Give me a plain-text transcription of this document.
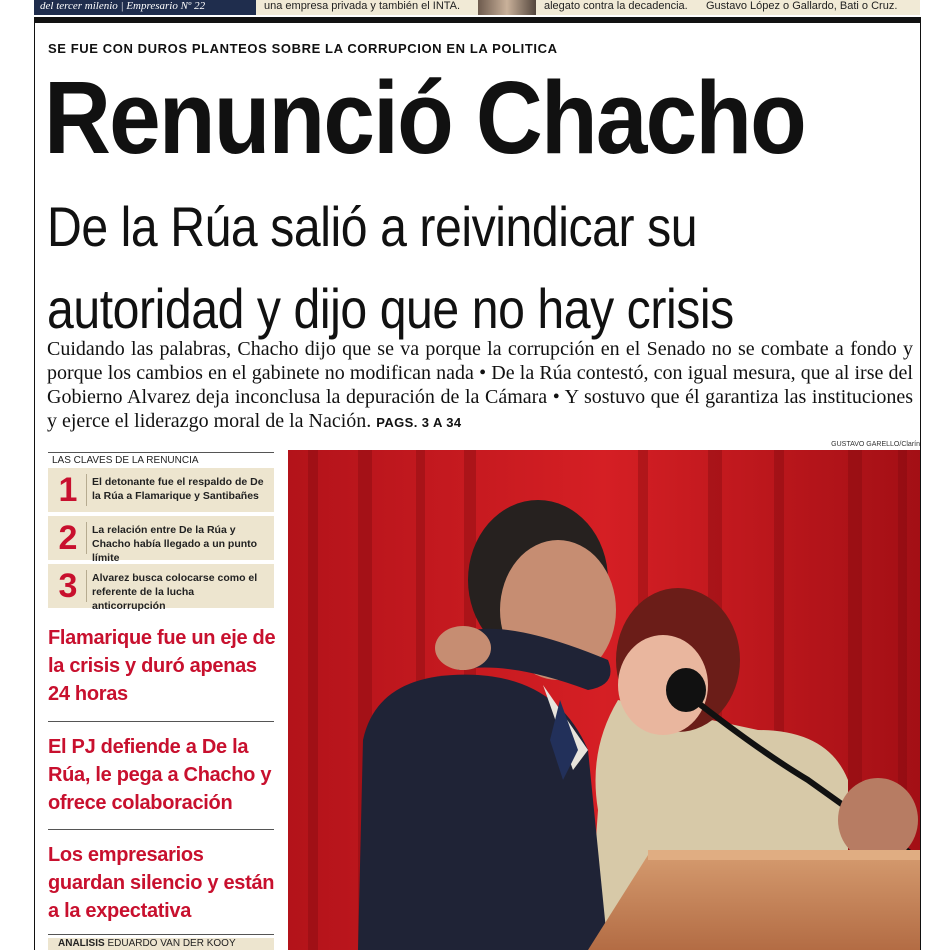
del tercer milenio | Empresario Nº 22	una empresa privada y también el INTA.	alegato contra la decadencia.	Gustavo López o Gallardo, Bati o Cruz.
SE FUE CON DUROS PLANTEOS SOBRE LA CORRUPCION EN LA POLITICA
Renunció Chacho
De la Rúa salió a reivindicar su
autoridad y dijo que no hay crisis
Cuidando las palabras, Chacho dijo que se va porque la corrupción en el Senado no se combate a fondo y porque los cambios en el gabinete no modifican nada • De la Rúa contestó, con igual mesura, que al irse del Gobierno Alvarez deja inconclusa la depuración de la Cámara • Y sostuvo que él garantiza las instituciones y ejerce el liderazgo moral de la Nación. PAGS. 3 A 34
GUSTAVO GARELLO/Clarín
LAS CLAVES DE LA RENUNCIA
1	El detonante fue el respaldo de De la Rúa a Flamarique y Santibañes
2	La relación entre De la Rúa y Chacho había llegado a un punto límite
3	Alvarez busca colocarse como el referente de la lucha anticorrupción
Flamarique fue un eje de la crisis y duró apenas 24 horas
El PJ defiende a De la Rúa, le pega a Chacho y ofrece colaboración
Los empresarios guardan silencio y están a la expectativa
ANALISIS EDUARDO VAN DER KOOY
